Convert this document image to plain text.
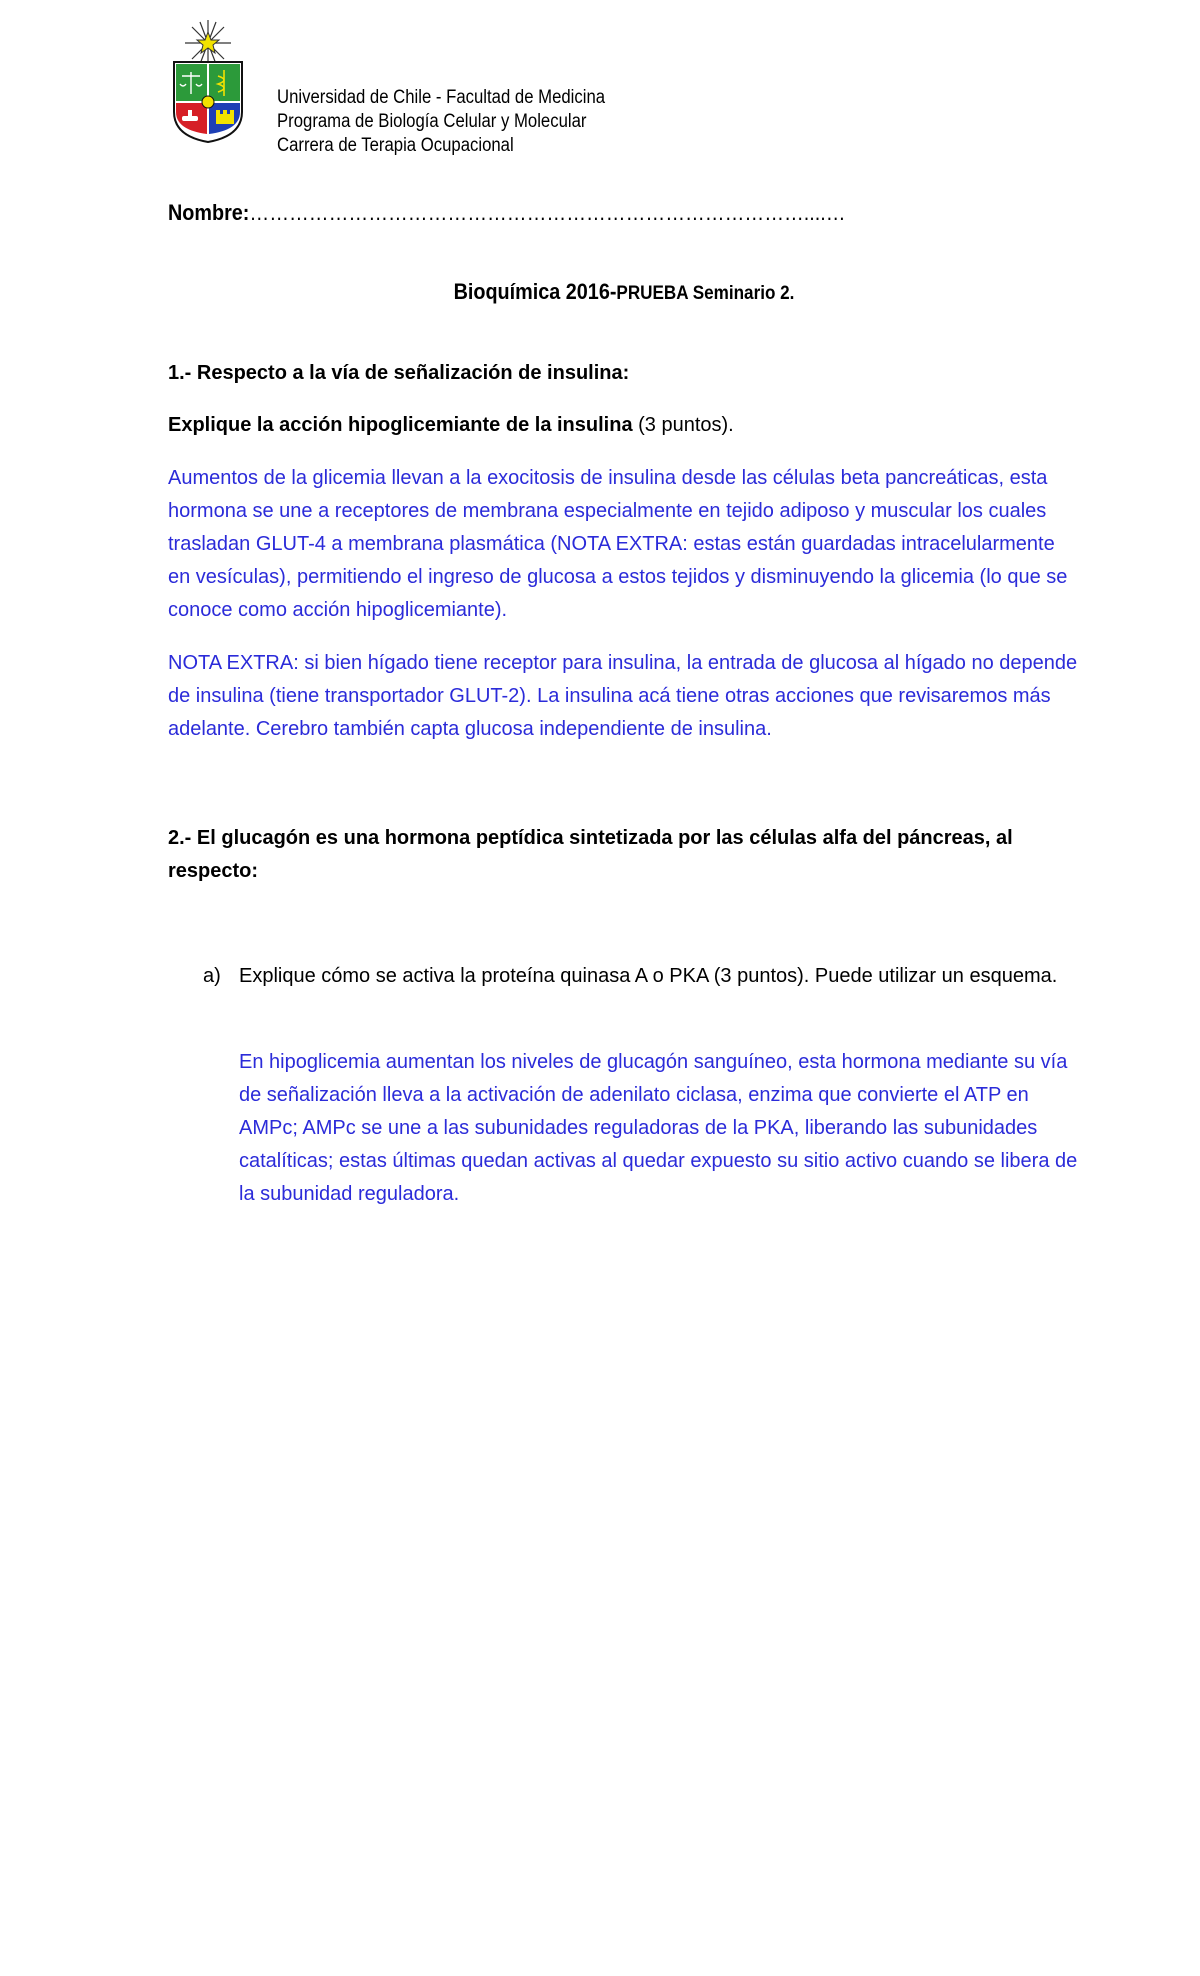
Universidad de Chile - Facultad de Medicina
Programa de Biología Celular y Molecular
Carrera de Terapia Ocupacional
Nombre:…………………………………………………………………………....…
Bioquímica 2016-PRUEBA Seminario 2.
1.- Respecto a la vía de señalización de insulina:
Explique la acción hipoglicemiante de la insulina (3 puntos).

Aumentos de la glicemia llevan a la exocitosis de insulina desde las células beta pancreáticas, esta hormona se une a receptores de membrana especialmente en tejido adiposo y muscular los cuales trasladan GLUT-4 a membrana plasmática (NOTA EXTRA: estas están guardadas intracelularmente en vesículas), permitiendo el ingreso de glucosa a estos tejidos y disminuyendo la glicemia (lo que se conoce como acción hipoglicemiante).

NOTA EXTRA: si bien hígado tiene receptor para insulina, la entrada de glucosa al hígado no depende de insulina (tiene transportador GLUT-2). La insulina acá tiene otras acciones que revisaremos más adelante. Cerebro también capta glucosa independiente de insulina.

2.- El glucagón es una hormona peptídica sintetizada por las células alfa del páncreas, al respecto:
a) Explique cómo se activa la proteína quinasa A o PKA (3 puntos). Puede utilizar un esquema.

En hipoglicemia aumentan los niveles de glucagón sanguíneo, esta hormona mediante su vía de señalización lleva a la activación de adenilato ciclasa, enzima que convierte el ATP en AMPc; AMPc se une a las subunidades reguladoras de la PKA, liberando las subunidades catalíticas; estas últimas quedan activas al quedar expuesto su sitio activo cuando se libera de la subunidad reguladora.
